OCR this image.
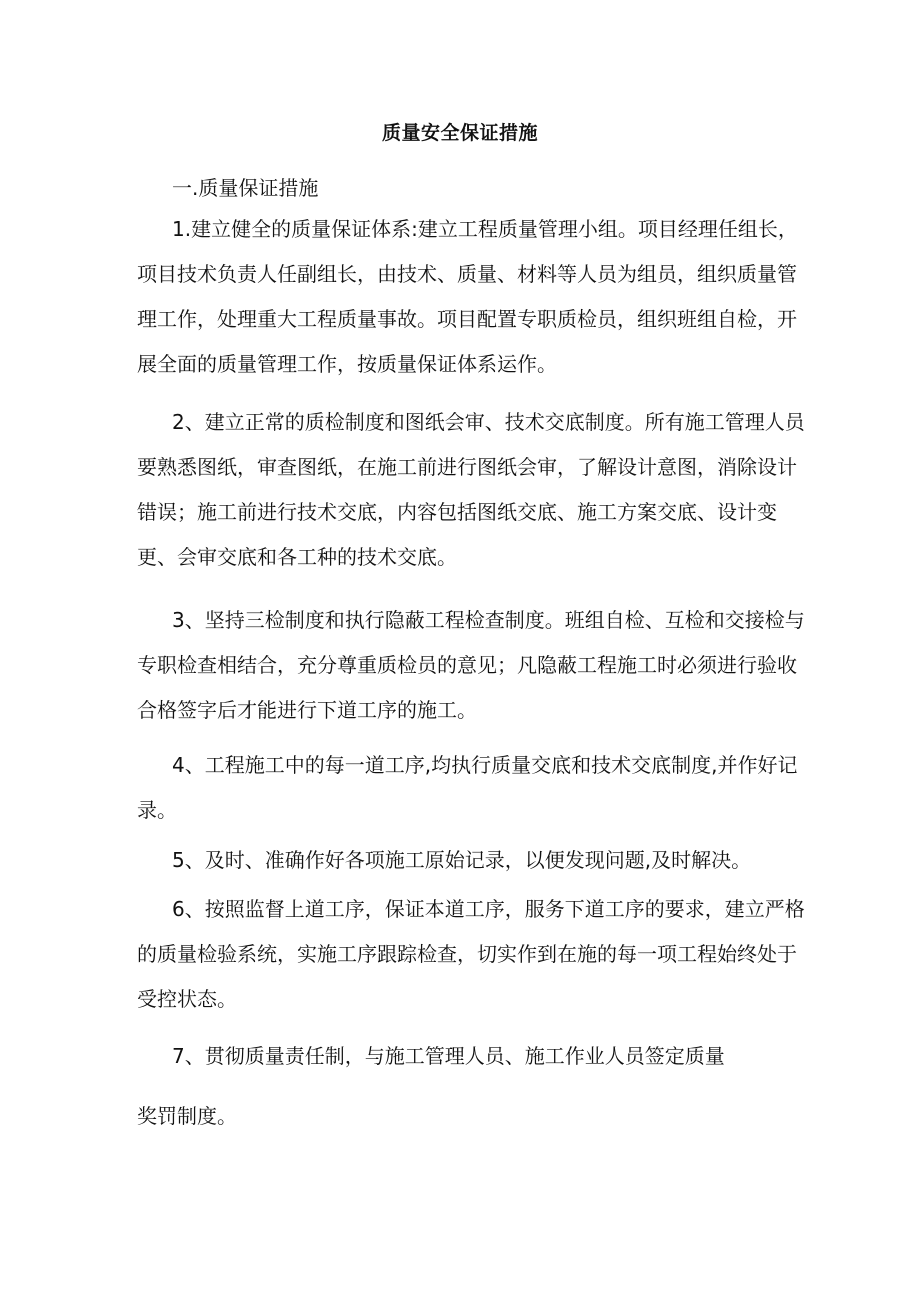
质量安全保证措施
一.质量保证措施
1.建立健全的质量保证体系:建立工程质量管理小组。项目经理任组长，项目技术负责人任副组长，由技术、质量、材料等人员为组员，组织质量管理工作，处理重大工程质量事故。项目配置专职质检员，组织班组自检，开展全面的质量管理工作，按质量保证体系运作。
2、建立正常的质检制度和图纸会审、技术交底制度。所有施工管理人员要熟悉图纸，审查图纸，在施工前进行图纸会审，了解设计意图，消除设计错误；施工前进行技术交底，内容包括图纸交底、施工方案交底、设计变更、会审交底和各工种的技术交底。
3、坚持三检制度和执行隐蔽工程检查制度。班组自检、互检和交接检与专职检查相结合，充分尊重质检员的意见；凡隐蔽工程施工时必须进行验收合格签字后才能进行下道工序的施工。
4、工程施工中的每一道工序,均执行质量交底和技术交底制度,并作好记录。
5、及时、准确作好各项施工原始记录，以便发现问题,及时解决。
6、按照监督上道工序，保证本道工序，服务下道工序的要求，建立严格的质量检验系统，实施工序跟踪检查，切实作到在施的每一项工程始终处于受控状态。
7、贯彻质量责任制，与施工管理人员、施工作业人员签定质量
奖罚制度。
